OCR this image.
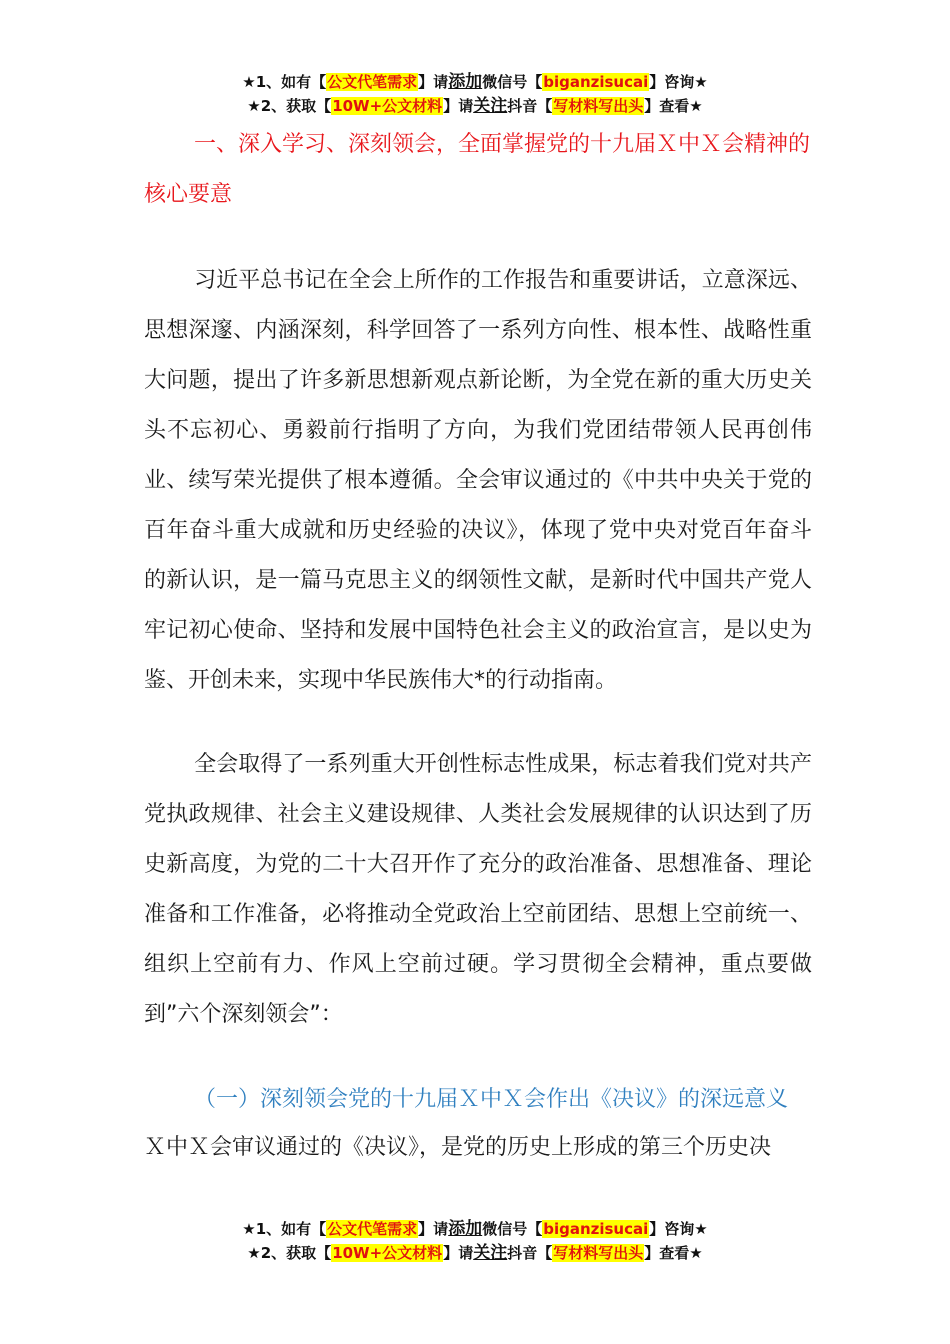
★1、如有【公文代笔需求】请添加微信号【biganzisucai】咨询★
★2、获取【10W+公文材料】请关注抖音【写材料写出头】查看★
一、深入学习、深刻领会，全面掌握党的十九届Ｘ中Ｘ会精神的核心要意

习近平总书记在全会上所作的工作报告和重要讲话，立意深远、思想深邃、内涵深刻，科学回答了一系列方向性、根本性、战略性重大问题，提出了许多新思想新观点新论断，为全党在新的重大历史关头不忘初心、勇毅前行指明了方向，为我们党团结带领人民再创伟业、续写荣光提供了根本遵循。全会审议通过的《中共中央关于党的百年奋斗重大成就和历史经验的决议》，体现了党中央对党百年奋斗的新认识，是一篇马克思主义的纲领性文献，是新时代中国共产党人牢记初心使命、坚持和发展中国特色社会主义的政治宣言，是以史为鉴、开创未来，实现中华民族伟大*的行动指南。

全会取得了一系列重大开创性标志性成果，标志着我们党对共产党执政规律、社会主义建设规律、人类社会发展规律的认识达到了历史新高度，为党的二十大召开作了充分的政治准备、思想准备、理论准备和工作准备，必将推动全党政治上空前团结、思想上空前统一、组织上空前有力、作风上空前过硬。学习贯彻全会精神，重点要做到”六个深刻领会”：

（一）深刻领会党的十九届Ｘ中Ｘ会作出《决议》的深远意义

Ｘ中Ｘ会审议通过的《决议》，是党的历史上形成的第三个历史决

★1、如有【公文代笔需求】请添加微信号【biganzisucai】咨询★
★2、获取【10W+公文材料】请关注抖音【写材料写出头】查看★
